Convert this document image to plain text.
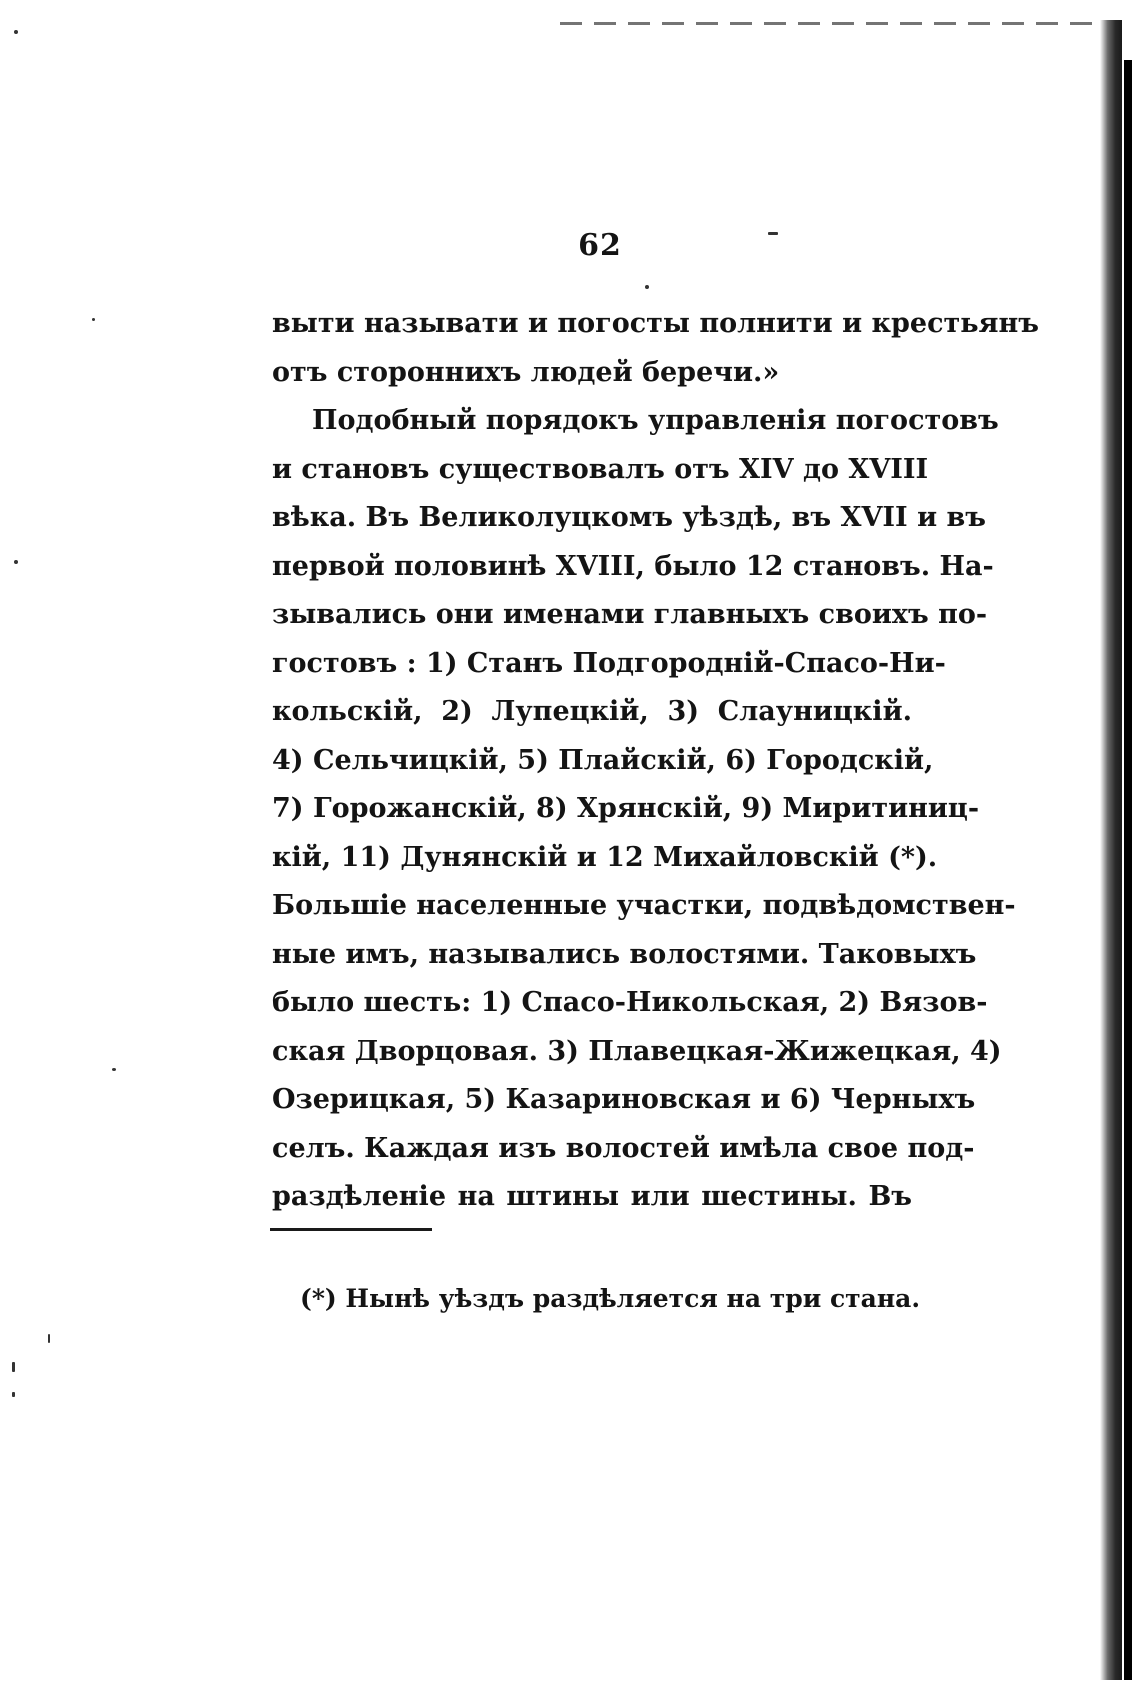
62
выти называти и погосты полнити и крестьянъ
отъ стороннихъ людей беречи.»
Подобный порядокъ управленія погостовъ
и становъ существовалъ отъ XIV до XVIII
вѣка. Въ Великолуцкомъ уѣздѣ, въ XVII и въ
первой половинѣ XVIII, было 12 становъ. На-
зывались они именами главныхъ своихъ по-
гостовъ : 1) Станъ Подгородній-Спасо-Ни-
кольскій, 2) Лупецкій, 3) Слауницкій.
4) Сельчицкій, 5) Плайскій, 6) Городскій,
7) Горожанскій, 8) Хрянскій, 9) Миритиниц-
кій, 11) Дунянскій и 12 Михайловскій (*).
Большіе населенные участки, подвѣдомствен-
ные имъ, назывались волостями. Таковыхъ
было шесть: 1) Спасо-Никольская, 2) Вязов-
ская Дворцовая. 3) Плавецкая-Жижецкая, 4)
Озерицкая, 5) Казариновская и 6) Черныхъ
селъ. Каждая изъ волостей имѣла свое под-
раздѣленіе на штины или шестины. Въ
(*) Нынѣ уѣздъ раздѣляется на три стана.
